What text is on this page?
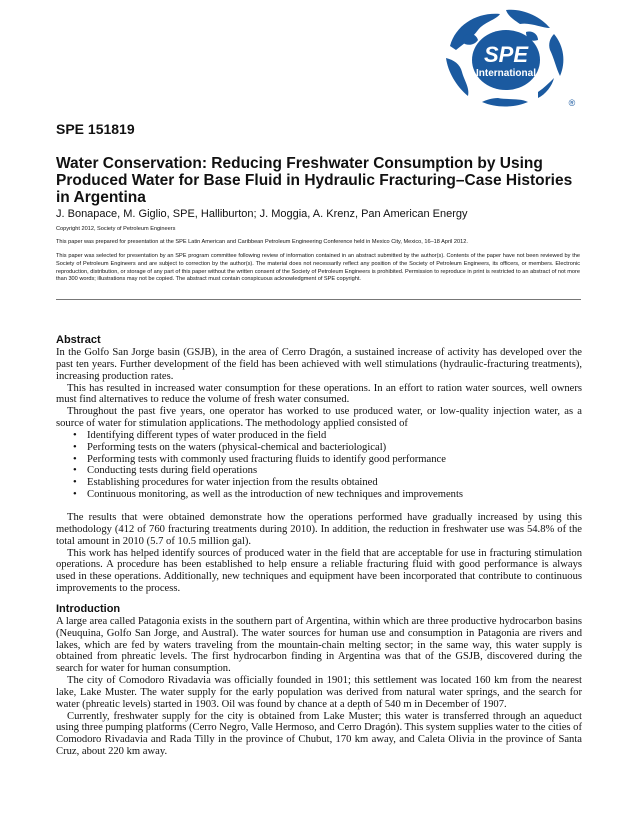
SPE
International
®
SPE 151819
Water Conservation: Reducing Freshwater Consumption by Using Produced Water for Base Fluid in Hydraulic Fracturing–Case Histories in Argentina
J. Bonapace, M. Giglio, SPE, Halliburton; J. Moggia, A. Krenz, Pan American Energy
Copyright 2012, Society of Petroleum Engineers
This paper was prepared for presentation at the SPE Latin American and Caribbean Petroleum Engineering Conference held in Mexico City, Mexico, 16–18 April 2012.
This paper was selected for presentation by an SPE program committee following review of information contained in an abstract submitted by the author(s). Contents of the paper have not been reviewed by the Society of Petroleum Engineers and are subject to correction by the author(s). The material does not necessarily reflect any position of the Society of Petroleum Engineers, its officers, or members. Electronic reproduction, distribution, or storage of any part of this paper without the written consent of the Society of Petroleum Engineers is prohibited. Permission to reproduce in print is restricted to an abstract of not more than 300 words; illustrations may not be copied. The abstract must contain conspicuous acknowledgment of SPE copyright.
Abstract

In the Golfo San Jorge basin (GSJB), in the area of Cerro Dragón, a sustained increase of activity has developed over the past ten years. Further development of the field has been achieved with well stimulations (hydraulic-fracturing treatments), increasing production rates.

This has resulted in increased water consumption for these operations. In an effort to ration water sources, well owners must find alternatives to reduce the volume of fresh water consumed.

Throughout the past five years, one operator has worked to use produced water, or low-quality injection water, as a source of water for stimulation applications. The methodology applied consisted of

• Identifying different types of water produced in the field
• Performing tests on the waters (physical-chemical and bacteriological)
• Performing tests with commonly used fracturing fluids to identify good performance
• Conducting tests during field operations
• Establishing procedures for water injection from the results obtained
• Continuous monitoring, as well as the introduction of new techniques and improvements

The results that were obtained demonstrate how the operations performed have gradually increased by using this methodology (412 of 760 fracturing treatments during 2010). In addition, the reduction in freshwater use was 54.8% of the total amount in 2010 (5.7 of 10.5 million gal).

This work has helped identify sources of produced water in the field that are acceptable for use in fracturing stimulation operations. A procedure has been established to help ensure a reliable fracturing fluid with good performance is always used in these operations. Additionally, new techniques and equipment have been incorporated that contribute to continuous improvements to the process.

Introduction

A large area called Patagonia exists in the southern part of Argentina, within which are three productive hydrocarbon basins (Neuquina, Golfo San Jorge, and Austral). The water sources for human use and consumption in Patagonia are rivers and lakes, which are fed by waters traveling from the mountain-chain melting sector; in the same way, this water supply is obtained from phreatic levels. The first hydrocarbon finding in Argentina was that of the GSJB, discovered during the search for water for human consumption.

The city of Comodoro Rivadavia was officially founded in 1901; this settlement was located 160 km from the nearest lake, Lake Muster. The water supply for the early population was derived from natural water springs, and the search for water (phreatic levels) started in 1903. Oil was found by chance at a depth of 540 m in December of 1907.

Currently, freshwater supply for the city is obtained from Lake Muster; this water is transferred through an aqueduct using three pumping platforms (Cerro Negro, Valle Hermoso, and Cerro Dragón). This system supplies water to the cities of Comodoro Rivadavia and Rada Tilly in the province of Chubut, 170 km away, and Caleta Olivia in the province of Santa Cruz, about 220 km away.
